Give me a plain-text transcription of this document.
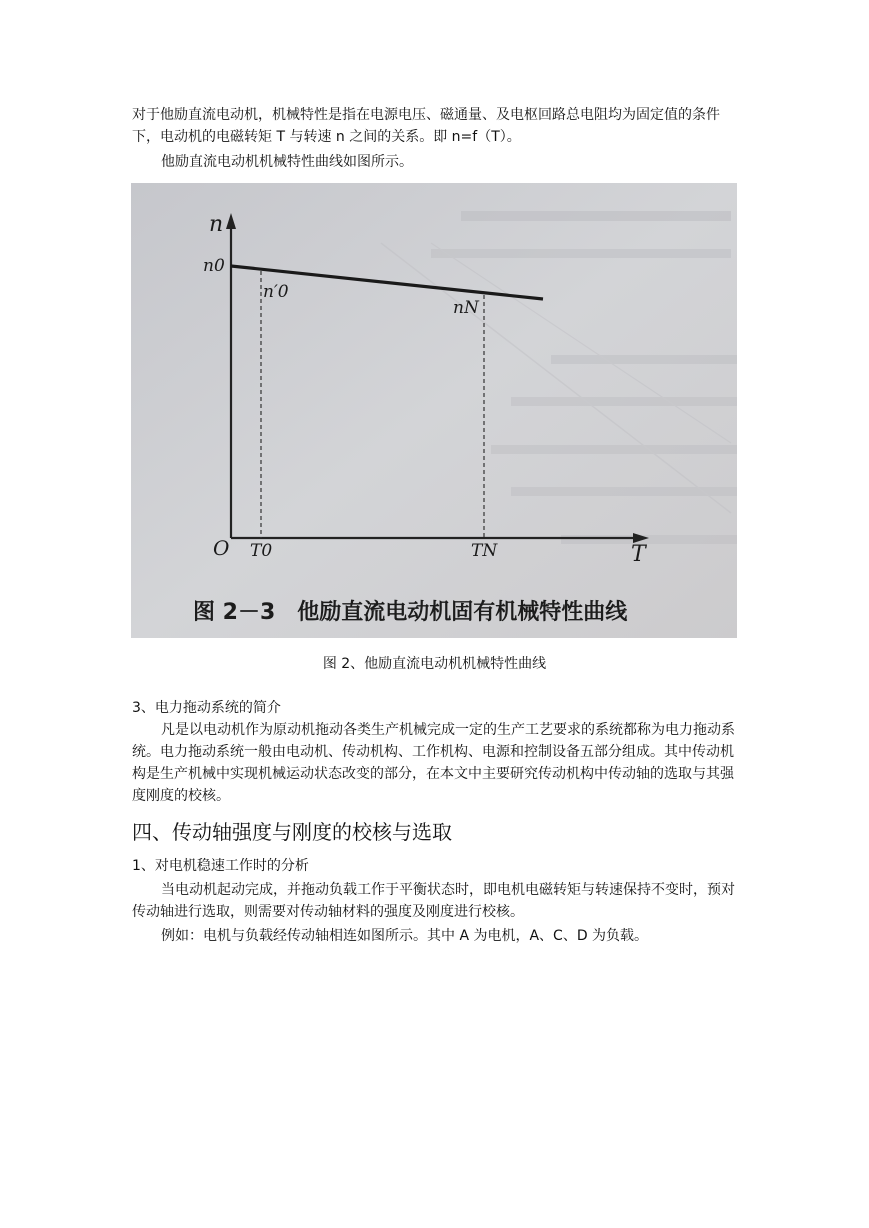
对于他励直流电动机，机械特性是指在电源电压、磁通量、及电枢回路总电阻均为固定值的条件下，电动机的电磁转矩 T 与转速 n 之间的关系。即 n=f（T）。

他励直流电动机机械特性曲线如图所示。

n
T
O
n0
n′0
nN
T0	TN
图 2－3　他励直流电动机固有机械特性曲线
图 2、他励直流电动机机械特性曲线

3、电力拖动系统的简介

凡是以电动机作为原动机拖动各类生产机械完成一定的生产工艺要求的系统都称为电力拖动系统。电力拖动系统一般由电动机、传动机构、工作机构、电源和控制设备五部分组成。其中传动机构是生产机械中实现机械运动状态改变的部分，在本文中主要研究传动机构中传动轴的选取与其强度刚度的校核。

四、传动轴强度与刚度的校核与选取

1、对电机稳速工作时的分析

当电动机起动完成，并拖动负载工作于平衡状态时，即电机电磁转矩与转速保持不变时，预对传动轴进行选取，则需要对传动轴材料的强度及刚度进行校核。

例如：电机与负载经传动轴相连如图所示。其中 A 为电机，A、C、D 为负载。
